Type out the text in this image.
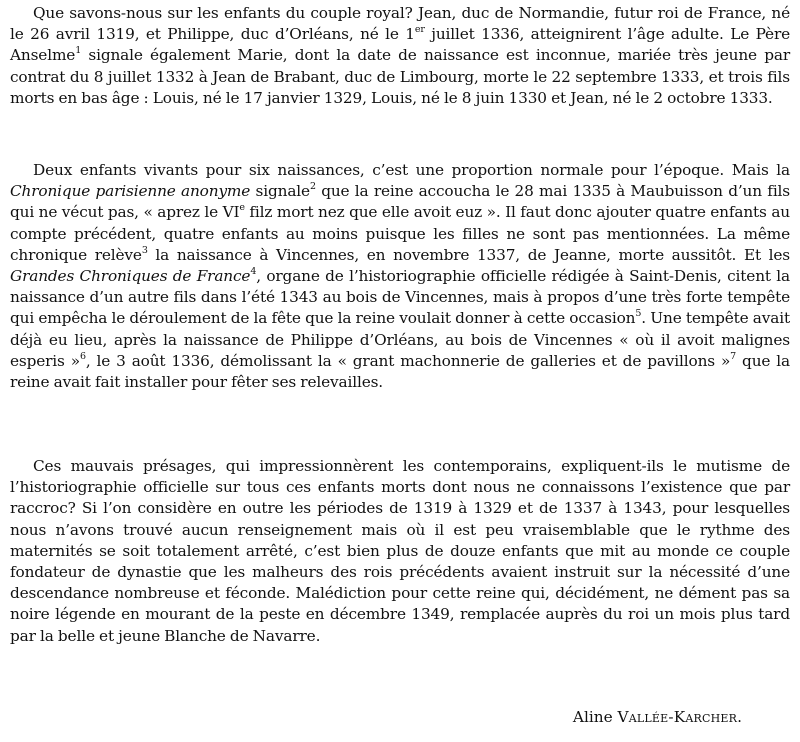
Que savons-nous sur les enfants du couple royal? Jean, duc de Normandie, futur roi de France, né le 26 avril 1319, et Philippe, duc d’Orléans, né le 1er juillet 1336, atteignirent l’âge adulte. Le Père Anselme$^1$ signale également Marie, dont la date de naissance est inconnue, mariée très jeune par contrat du 8 juillet 1332 à Jean de Brabant, duc de Limbourg, morte le 22 septembre 1333, et trois fils morts en bas âge : Louis, né le 17 janvier 1329, Louis, né le 8 juin 1330 et Jean, né le 2 octobre 1333.

Deux enfants vivants pour six naissances, c’est une proportion normale pour l’époque. Mais la Chronique parisienne anonyme signale$^2$ que la reine accoucha le 28 mai 1335 à Maubuisson d’un fils qui ne vécut pas, « aprez le VIe filz mort nez que elle avoit euz ». Il faut donc ajouter quatre enfants au compte précédent, quatre enfants au moins puisque les filles ne sont pas mentionnées. La même chronique relève$^3$ la naissance à Vincennes, en novembre 1337, de Jeanne, morte aussitôt. Et les Grandes Chroniques de France$^4$, organe de l’historiographie officielle rédigée à Saint-Denis, citent la naissance d’un autre fils dans l’été 1343 au bois de Vincennes, mais à propos d’une très forte tempête qui empêcha le déroulement de la fête que la reine voulait donner à cette occasion$^5$. Une tempête avait déjà eu lieu, après la naissance de Philippe d’Orléans, au bois de Vincennes « où il avoit malignes esperis »$^6$, le 3 août 1336, démolissant la « grant machonnerie de galleries et de pavillons »$^7$ que la reine avait fait installer pour fêter ses relevailles.

Ces mauvais présages, qui impressionnèrent les contemporains, expliquent-ils le mutisme de l’historiographie officielle sur tous ces enfants morts dont nous ne connaissons l’existence que par raccroc? Si l’on considère en outre les périodes de 1319 à 1329 et de 1337 à 1343, pour lesquelles nous n’avons trouvé aucun renseignement mais où il est peu vraisemblable que le rythme des maternités se soit totalement arrêté, c’est bien plus de douze enfants que mit au monde ce couple fondateur de dynastie que les malheurs des rois précédents avaient instruit sur la nécessité d’une descendance nombreuse et féconde. Malédiction pour cette reine qui, décidément, ne dément pas sa noire légende en mourant de la peste en décembre 1349, remplacée auprès du roi un mois plus tard par la belle et jeune Blanche de Navarre.

Aline Vallée-Karcher.
